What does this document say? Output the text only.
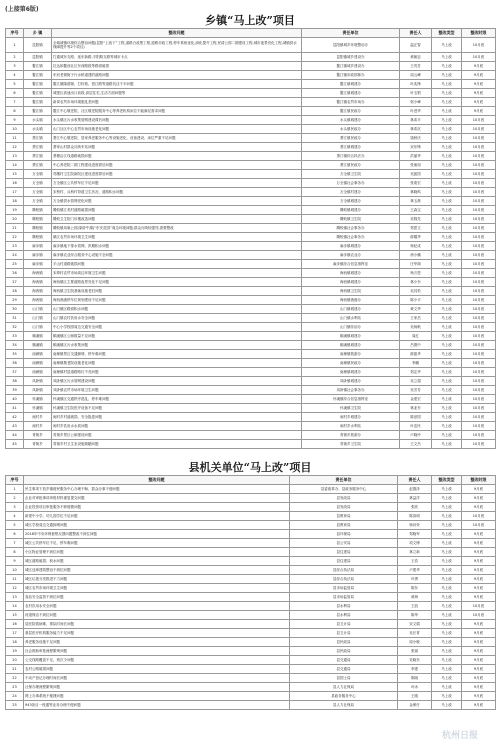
(上接第6版)
乡镇“马上改”项目
序号	乡 镇	整改问题	责任单位	责任人	整改类型	整改时限
1	昆阳镇	全域城镇环境综合整治问题(昆阳“上改下”工程,道路白改黑工程,道路市政工程,停车系统优化,绿化提升工程,民清公园二期建设工程,城市夜景亮化工程,城镇供水保障提升等2个项目)	昆阳镇城乡环境整治办	温正智	马上改	10月底
2	昆阳镇	打通城东支路、延东新路,平阳路支路等城市卡点	昆阳镇城乡建设办	黄朝忠	马上改	10月底
3	鳌江镇	拉达和鳌西社区东西路段等路面破损	鳌江镇城乡建设办	王茂芳	马上改	9月底
4	鳌江镇	东河老街街子行水桥道建的道路问题	鳌江镇市政园林办	周云峰	马上改	9月底
5	鳌江镇	鳌江镇隆德街、打棕巷、管江路等道路坑洼不平问题	鳌江镇城建办	叶兆锋	马上改	9月底
6	鳌江镇	城建区高速出口前段,高层住宅,生活方面问题等	鳌江镇城建办	叶玉银	马上改	9月底
7	鳌江镇	新岗农贸市场环境脏乱差问题	鳌江镇农贸市场办	郭小峰	马上改	9月底
8	鳌江镇	鳌江中心敬老院、社区敬老院服务中心等养老机构床位不能满足需求问题	鳌江镇民政办	叶进华	马上改	9月底
9	水头镇	水头镇区污水收集管网建设滞后问题	水头镇城建办	林希平	马上改	10月底
10	水头镇	山门社区中心农贸市场设施老化问题	水头镇民政办	林希沉	马上改	10月底
11	萧江镇	萧江中心敬老院、居家养老服务中心等设施老化、设备建设、床位严重不足问题	萧江镇民政办	钱秋庆	马上改	10月底
12	萧江镇	萧家山村群众反映车站问题	萧江镇城建办	宋东锋	马上改	10月底
13	萧江镇	萧塘沿江线道路破损问题	萧江镇综合执法办	洪丽华	马上改	10月底
14	萧江镇	中心养老院二期工程建设进度滞后问题	萧江镇民政办	张朋周	马上改	10月底
15	万全镇	郑楼村卫生院新院区建设进度滞后问题	万全镇卫生院	吴振国	马上改	10月底
16	万全镇	万全镇区公共停车位不足问题	万全镇社会事务办	张欢宏	马上改	10月底
17	万全镇	宋桥村、兵桥村背道卫生状况、道路积水问题	万全镇村建办	林晓鸣	马上改	10月底
18	万全镇	万全镇供水管网老化问题	万全镇城建办	林玉晨	马上改	10月底
19	腾蛟镇	腾蛟镇江美村道路破损问题	腾蛟镇城建办	王森宝	马上改	10月底
20	腾蛟镇	腾蛟卫生院门诊楼改造问题	腾蛟镇卫生院	吴锦先	马上改	10月底
21	腾蛟镇	腾蛟镇凤巢公园(原卧牛湖)“东安花园”周边环境问题,群众反映较强烈,需要整改	腾蛟镇社会事务办	郑思文	马上改	10月底
22	腾蛟镇	镇区农贸市场环境卫生问题	腾蛟镇社会事务办	薛耀华	马上改	10月底
23	麻步镇	麻步镇地下排水管网、汛期积水问题	麻步镇城建办	杨纪成	马上改	10月底
24	麻步镇	麻步镇农业综合服务中心设施不全问题	麻步镇农业办	徐小鹏	马上改	10月底
25	麻步镇	平山村道路破损问题	麻步镇综合信息指挥室	庄华阁	马上改	10月底
26	海西镇	宋埠村农贸市场周边环境卫生问题	海西镇城建办	杨万恩	马上改	10月底
27	海西镇	海西镇区主要道路夜景亮化不足问题	海西镇城建办	林小东	马上改	10月底
28	海西镇	海西镇卫生院基础设施老旧问题	海西镇卫生院	吴其松	马上改	10月底
29	海西镇	海西渔港停车位规划建设不足问题	海西镇渔港办	陈小平	马上改	10月底
30	山门镇	山门镇区路面积水问题	山门镇城建办	黄文华	马上改	10月底
31	山门镇	山门镇农村饮用水安全问题	山门镇水利站	王家岳	马上改	10月底
32	山门镇	中心小学校园周边交通安全问题	山门镇综治办	吴杨帆	马上改	10月底
33	顺溪镇	顺溪镇区公厕数量不足问题	顺溪镇城建办	周红	马上改	10月底
34	顺溪镇	顺溪镇区污水收集问题	顺溪镇城建办	吕德中	马上改	10月底
35	南雁镇	南雁镇景区交通拥堵、停车难问题	南雁镇旅游办	薛振华	马上改	10月底
36	南雁镇	南雁镇敬老院设施老化问题	南雁镇民政办	李鹏	马上改	10月底
37	南雁镇	南雁镇村居道路路灯不亮问题	南雁镇城建办	郑定华	马上改	10月底
38	凤卧镇	凤卧镇区污水管网建设问题	凤卧镇城建办	吴立超	马上改	10月底
39	凤卧镇	凤卧镇农贸市场环境卫生问题	凤卧镇社会事务办	吴芳芳	马上改	10月底
40	怀溪镇	怀溪镇区交通秩序混乱、停车难问题	怀溪镇综合信息指挥室	金建宏	马上改	10月底
41	怀溪镇	怀溪镇卫生院医疗设备不足问题	怀溪镇卫生院	林亚东	马上改	10月底
42	闹村乡	闹村乡村道破损、安全隐患问题	闹村乡城建办	陈爱国	马上改	10月底
43	闹村乡	闹村乡饮用水水质问题	闹村乡水利站	叶忠民	马上改	10月底
44	青街乡	青街乡景区公厕建设问题	青街乡旅游办	卢晓玲	马上改	10月底
45	青街乡	青街乡村卫生室设施简陋问题	青街乡卫生院	王文杰	马上改	10月底
县机关单位“马上改”项目
序号	整改问题	责任单位	责任人	整改类型	整改时限
1	民生事项下放乡镇便民服务中心办理不畅、群众办事不便问题	县委改革办、县政务服务中心	赵德泽	马上改	9月底
2	企业对审批事项申报材料重复提交问题	县发改局	林益洋	马上改	9月底
3	企业投资项目审批服务不够便捷问题	县发改局	张欣	马上改	9月底
4	新建中小学、幼儿园学位不足问题	县教育局	陈高明	马上改	10月底
5	城区学校周边交通拥堵问题	县教育局	杨向荣	马上改	10月底
6	2018年中央环保督察反馈问题整改不到位问题	县环保局	郑晓军	马上改	9月底
7	城区公共停车位不足、停车难问题	县公安局	项文博	马上改	9月底
8	小区物业管理不到位问题	县住建局	林立新	马上改	9月底
9	城区道路破损、积水问题	县住建局	王浩	马上改	9月底
10	城区违章建筑整治不到位问题	县综合执法局	卢建华	马上改	9月底
11	城区垃圾分类推进不力问题	县综合执法局	叶勇	马上改	9月底
12	城区农贸市场环境卫生问题	县市场监管局	陈东	马上改	9月底
13	食品安全监管不到位问题	县市场监管局	黄海	马上改	9月底
14	农村饮用水安全问题	县水利局	王凯	马上改	10月底
15	河道保洁不到位问题	县水利局	陈华	马上改	10月底
16	县医院看病难、排队时间长问题	县卫计局	宋文娟	马上改	9月底
17	基层医疗机构服务能力不足问题	县卫计局	吴长青	马上改	9月底
18	养老服务设施不足问题	县民政局	周小敏	马上改	9月底
19	社会救助审批流程繁琐问题	县民政局	张丽	马上改	9月底
20	公交线路覆盖不足、班次少问题	县交通局	吴晓东	马上改	9月底
21	农村公路破损问题	县交通局	李建	马上改	9月底
22	不动产登记办理时间长问题	县国土局	陈晓	马上改	9月底
23	社保办理流程繁琐问题	县人力社保局	叶冰	马上改	9月底
24	网上办事系统不便捷问题	县政务服务中心	王刚	马上改	9月底
25	943条目一账通等业务办理不便问题	县人力社保局	金保仔	马上改	9月底
杭州日报
